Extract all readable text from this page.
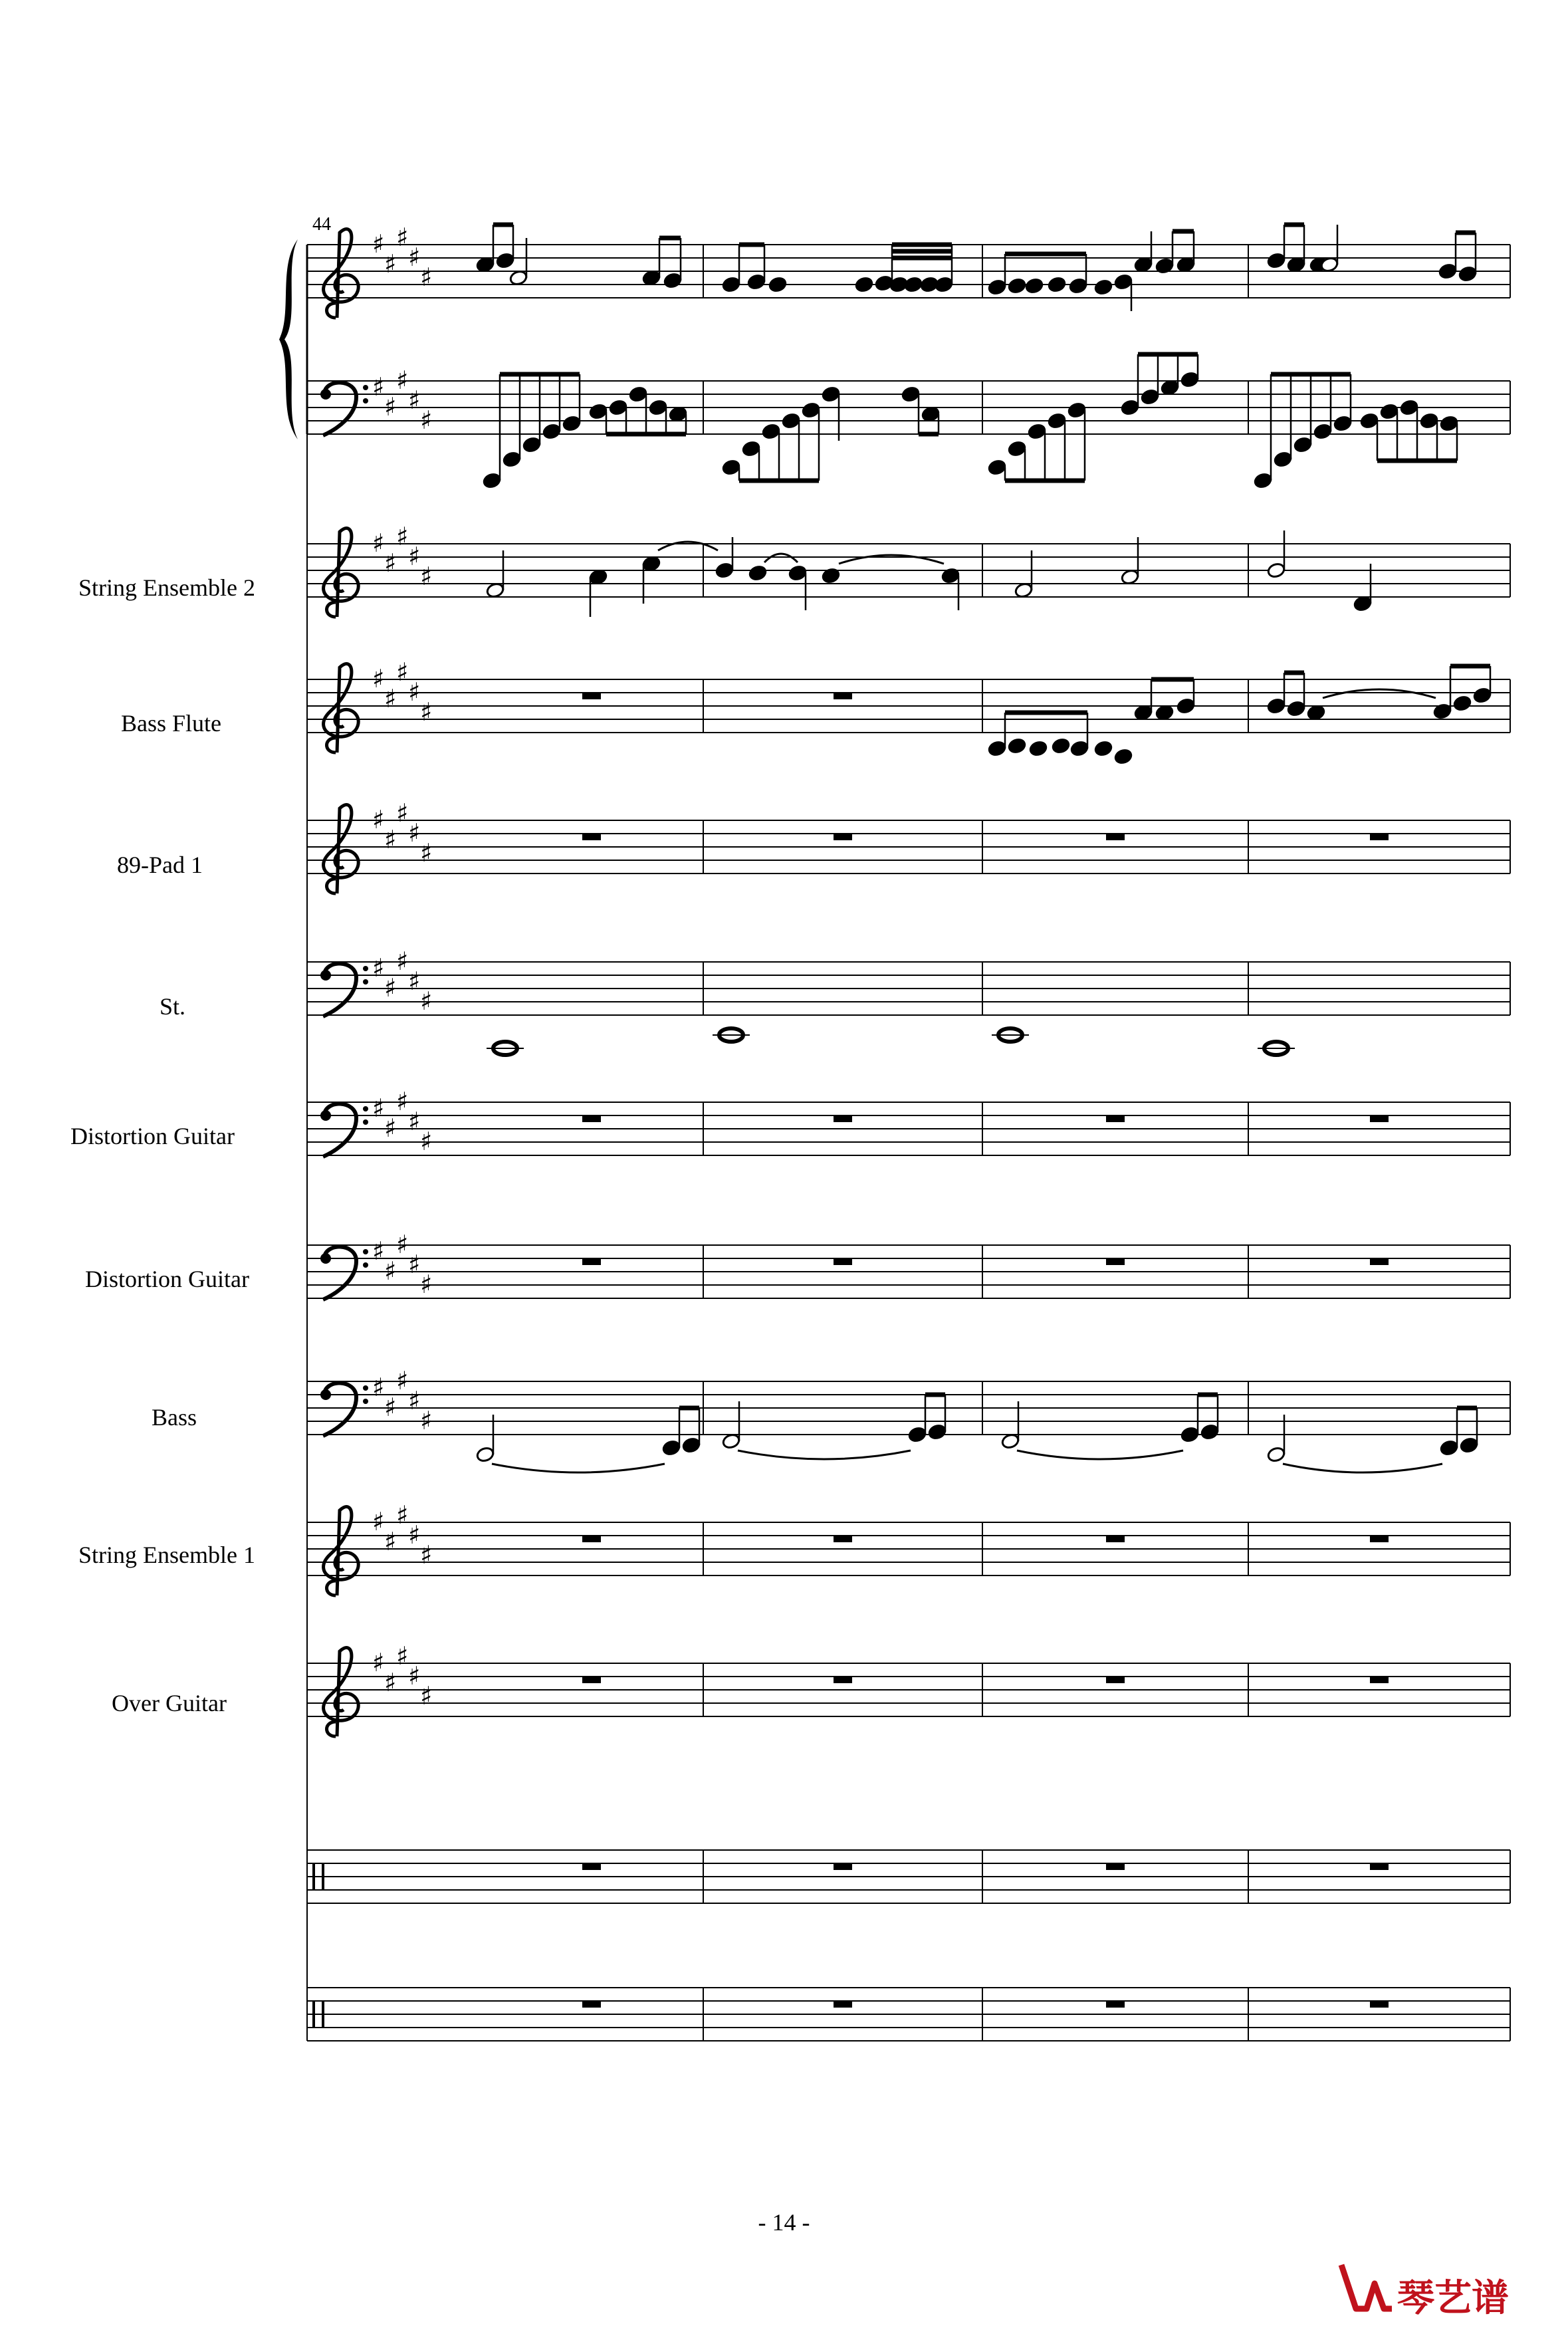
♯
♯
♯
♯
♯
♯
♯
♯
♯
♯
♯
♯
♯
♯
♯
♯
♯
♯
♯
♯
♯
♯
♯
♯
♯
♯
♯
♯
♯
♯
♯
♯
♯
♯
♯
♯
♯
♯
♯
♯
♯
♯
♯
♯
♯
♯
♯
♯
♯
♯
♯
♯
♯
♯
♯
44
String Ensemble 2
Bass Flute
89-Pad 1
St.
Distortion Guitar
Distortion Guitar
Bass
String Ensemble 1
Over Guitar
- 14 -
琴艺谱
